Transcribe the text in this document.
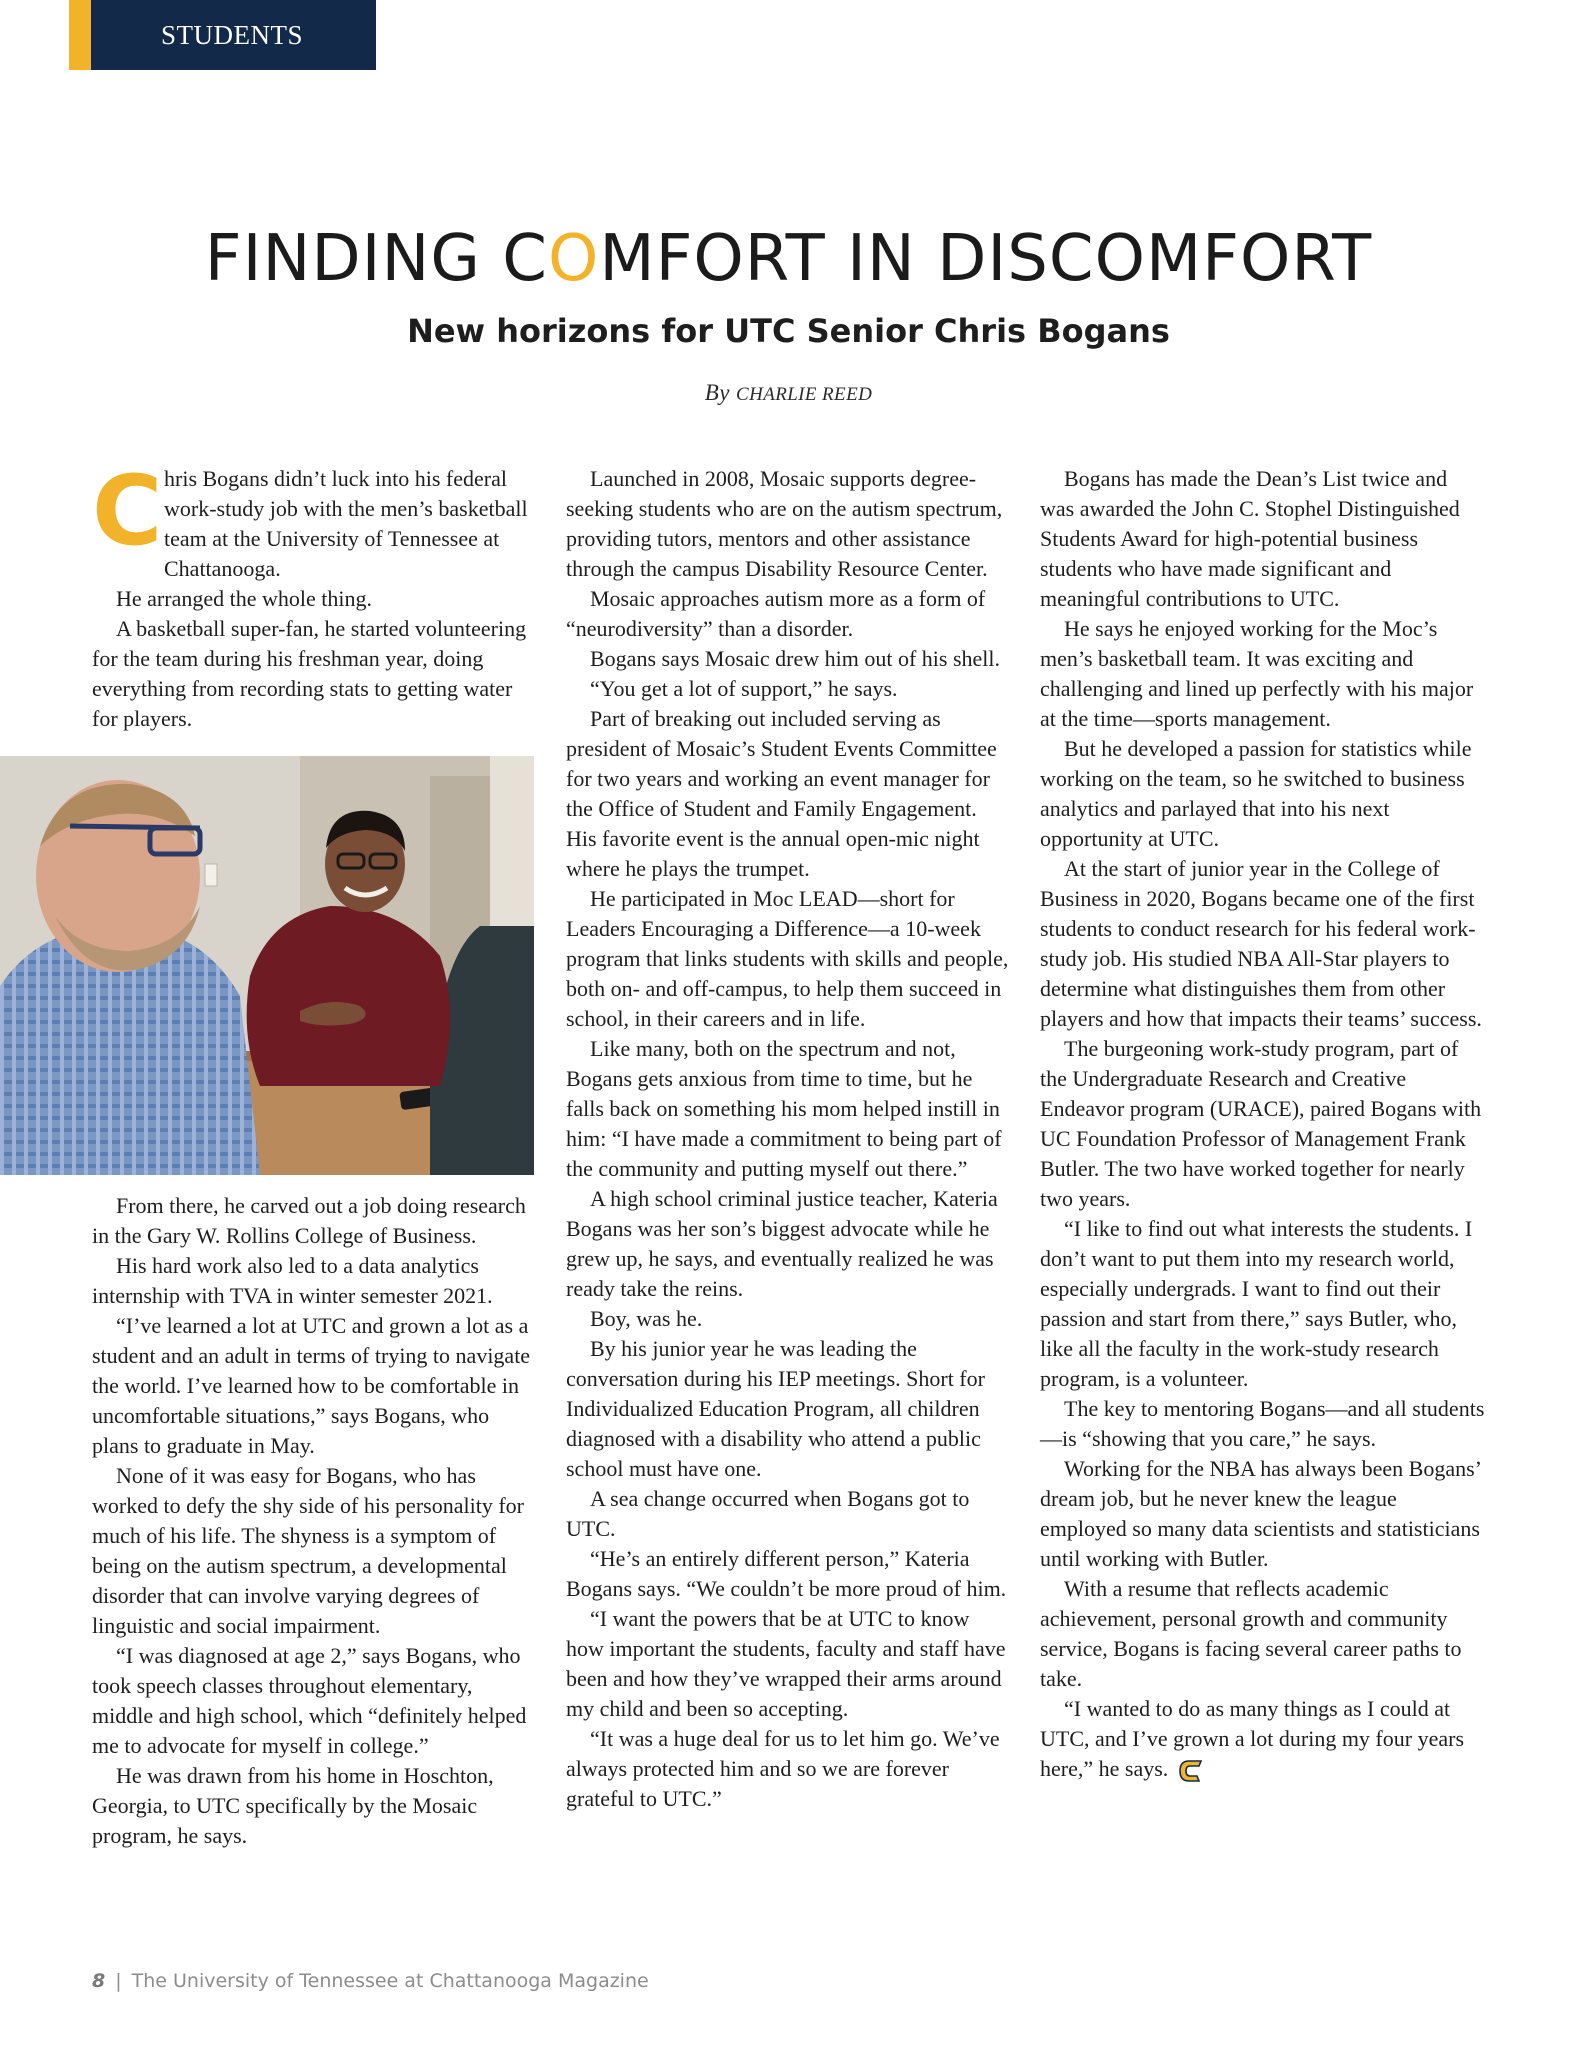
STUDENTS
FINDING COMFORT IN DISCOMFORT
New horizons for UTC Senior Chris Bogans
By CHARLIE REED

Chris Bogans didn’t luck into his federal work-study job with the men’s basketball team at the University of Tennessee at Chattanooga.

He arranged the whole thing.

A basketball super-fan, he started volunteering for the team during his freshman year, doing everything from recording stats to getting water for players.

From there, he carved out a job doing research in the Gary W. Rollins College of Business.

His hard work also led to a data analytics internship with TVA in winter semester 2021.

“I’ve learned a lot at UTC and grown a lot as a student and an adult in terms of trying to navigate the world. I’ve learned how to be comfortable in uncomfortable situations,” says Bogans, who plans to graduate in May.

None of it was easy for Bogans, who has worked to defy the shy side of his personality for much of his life. The shyness is a symptom of being on the autism spectrum, a developmental disorder that can involve varying degrees of linguistic and social impairment.

“I was diagnosed at age 2,” says Bogans, who took speech classes throughout elementary, middle and high school, which “definitely helped me to advocate for myself in college.”

He was drawn from his home in Hoschton, Georgia, to UTC specifically by the Mosaic program, he says.

Launched in 2008, Mosaic supports degree-seeking students who are on the autism spectrum, providing tutors, mentors and other assistance through the campus Disability Resource Center.

Mosaic approaches autism more as a form of “neurodiversity” than a disorder.

Bogans says Mosaic drew him out of his shell.

“You get a lot of support,” he says.

Part of breaking out included serving as president of Mosaic’s Student Events Committee for two years and working an event manager for the Office of Student and Family Engagement. His favorite event is the annual open-mic night where he plays the trumpet.

He participated in Moc LEAD—short for Leaders Encouraging a Difference—a 10-week program that links students with skills and people, both on- and off-campus, to help them succeed in school, in their careers and in life.

Like many, both on the spectrum and not, Bogans gets anxious from time to time, but he falls back on something his mom helped instill in him: “I have made a commitment to being part of the community and putting myself out there.”

A high school criminal justice teacher, Kateria Bogans was her son’s biggest advocate while he grew up, he says, and eventually realized he was ready take the reins.

Boy, was he.

By his junior year he was leading the conversation during his IEP meetings. Short for Individualized Education Program, all children diagnosed with a disability who attend a public school must have one.

A sea change occurred when Bogans got to UTC.

“He’s an entirely different person,” Kateria Bogans says. “We couldn’t be more proud of him.

“I want the powers that be at UTC to know how important the students, faculty and staff have been and how they’ve wrapped their arms around my child and been so accepting.

“It was a huge deal for us to let him go. We’ve always protected him and so we are forever grateful to UTC.”

Bogans has made the Dean’s List twice and was awarded the John C. Stophel Distinguished Students Award for high-potential business students who have made significant and meaningful contributions to UTC.

He says he enjoyed working for the Moc’s men’s basketball team. It was exciting and challenging and lined up perfectly with his major at the time—sports management.

But he developed a passion for statistics while working on the team, so he switched to business analytics and parlayed that into his next opportunity at UTC.

At the start of junior year in the College of Business in 2020, Bogans became one of the first students to conduct research for his federal work-study job. His studied NBA All-Star players to determine what distinguishes them from other players and how that impacts their teams’ success.

The burgeoning work-study program, part of the Undergraduate Research and Creative Endeavor program (URACE), paired Bogans with UC Foundation Professor of Management Frank Butler. The two have worked together for nearly two years.

“I like to find out what interests the students. I don’t want to put them into my research world, especially undergrads. I want to find out their passion and start from there,” says Butler, who, like all the faculty in the work-study research program, is a volunteer.

The key to mentoring Bogans—and all students—is “showing that you care,” he says.

Working for the NBA has always been Bogans’ dream job, but he never knew the league employed so many data scientists and statisticians until working with Butler.

With a resume that reflects academic achievement, personal growth and community service, Bogans is facing several career paths to take.

“I wanted to do as many things as I could at UTC, and I’ve grown a lot during my four years here,” he says.

8 | The University of Tennessee at Chattanooga Magazine
